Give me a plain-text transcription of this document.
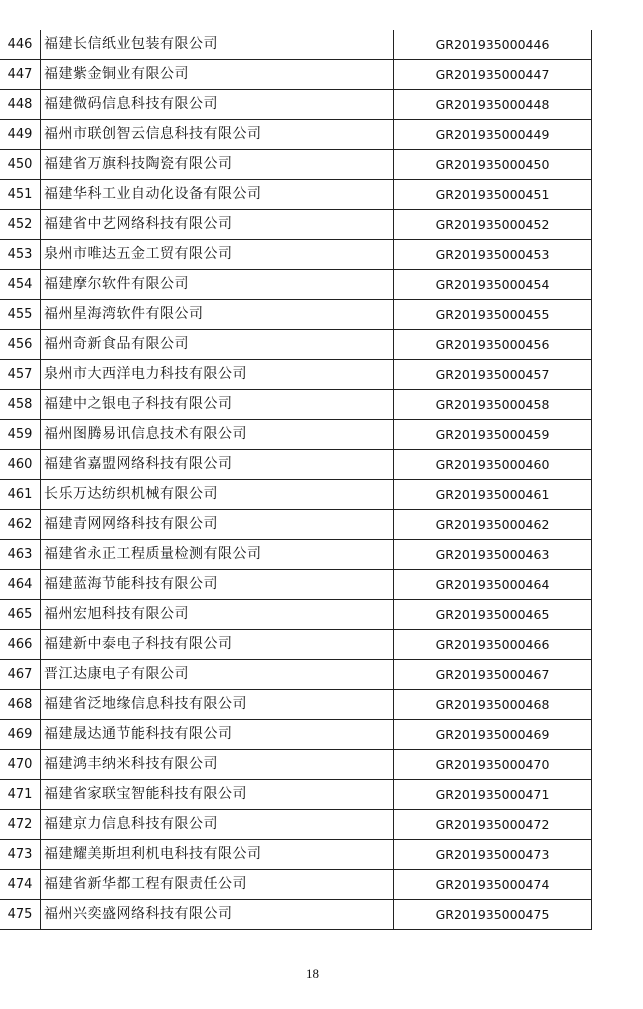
446	福建长信纸业包装有限公司	GR201935000446
447	福建紫金铜业有限公司	GR201935000447
448	福建微码信息科技有限公司	GR201935000448
449	福州市联创智云信息科技有限公司	GR201935000449
450	福建省万旗科技陶瓷有限公司	GR201935000450
451	福建华科工业自动化设备有限公司	GR201935000451
452	福建省中艺网络科技有限公司	GR201935000452
453	泉州市唯达五金工贸有限公司	GR201935000453
454	福建摩尔软件有限公司	GR201935000454
455	福州星海湾软件有限公司	GR201935000455
456	福州奇新食品有限公司	GR201935000456
457	泉州市大西洋电力科技有限公司	GR201935000457
458	福建中之银电子科技有限公司	GR201935000458
459	福州图腾易讯信息技术有限公司	GR201935000459
460	福建省嘉盟网络科技有限公司	GR201935000460
461	长乐万达纺织机械有限公司	GR201935000461
462	福建青网网络科技有限公司	GR201935000462
463	福建省永正工程质量检测有限公司	GR201935000463
464	福建蓝海节能科技有限公司	GR201935000464
465	福州宏旭科技有限公司	GR201935000465
466	福建新中泰电子科技有限公司	GR201935000466
467	晋江达康电子有限公司	GR201935000467
468	福建省泛地缘信息科技有限公司	GR201935000468
469	福建晟达通节能科技有限公司	GR201935000469
470	福建鸿丰纳米科技有限公司	GR201935000470
471	福建省家联宝智能科技有限公司	GR201935000471
472	福建京力信息科技有限公司	GR201935000472
473	福建耀美斯坦利机电科技有限公司	GR201935000473
474	福建省新华都工程有限责任公司	GR201935000474
475	福州兴奕盛网络科技有限公司	GR201935000475
18
